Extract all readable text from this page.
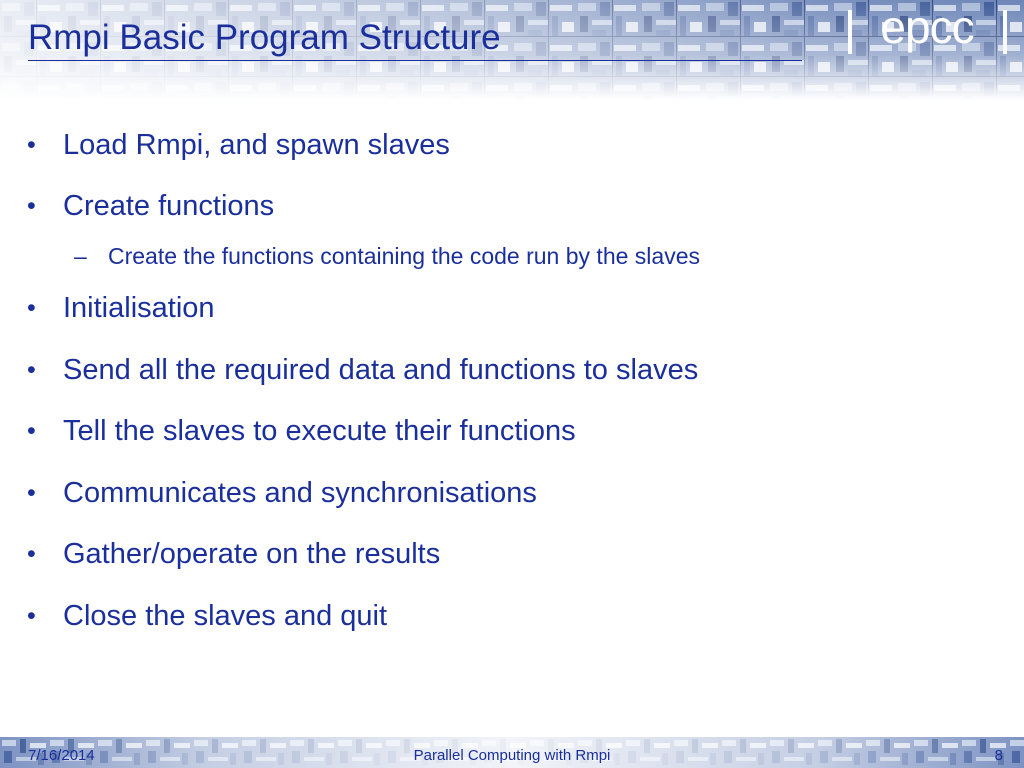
Rmpi Basic Program Structure	epcc
• Load Rmpi, and spawn slaves
• Create functions
– Create the functions containing the code run by the slaves
• Initialisation
• Send all the required data and functions to slaves
• Tell the slaves to execute their functions
• Communicates and synchronisations
• Gather/operate on the results
• Close the slaves and quit
7/16/2014	Parallel Computing with Rmpi	8
